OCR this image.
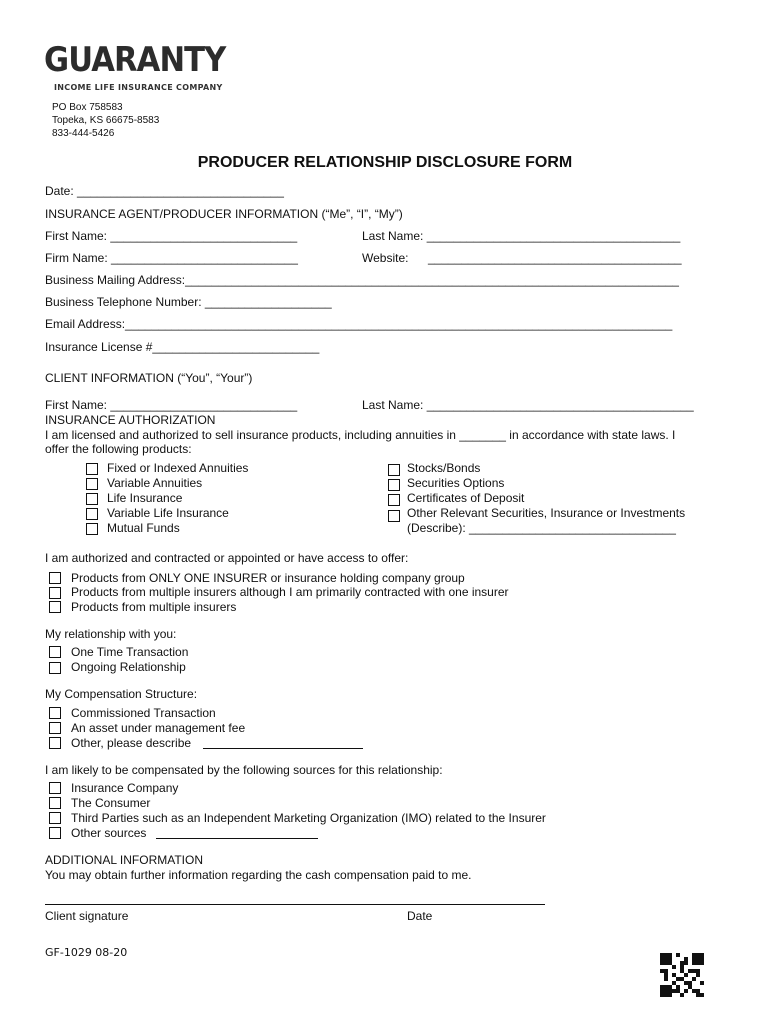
GUARANTY
INCOME LIFE INSURANCE COMPANY
PO Box 758583
Topeka, KS 66675-8583
833-444-5426
PRODUCER RELATIONSHIP DISCLOSURE FORM
Date: _______________________________
INSURANCE AGENT/PRODUCER INFORMATION (“Me”, “I”, “My”)
First Name: ____________________________	Last Name: ______________________________________
Firm Name: ____________________________	Website: ______________________________________
Business Mailing Address:__________________________________________________________________________
Business Telephone Number: ___________________
Email Address:__________________________________________________________________________________
Insurance License #_________________________
CLIENT INFORMATION (“You”, “Your”)
First Name: ____________________________	Last Name: ________________________________________
INSURANCE AUTHORIZATION
I am licensed and authorized to sell insurance products, including annuities in _______ in accordance with state laws. I
offer the following products:
Fixed or Indexed Annuities
Variable Annuities
Life Insurance
Variable Life Insurance
Mutual Funds
Stocks/Bonds
Securities Options
Certificates of Deposit
Other Relevant Securities, Insurance or Investments
(Describe): _______________________________
I am authorized and contracted or appointed or have access to offer:
Products from ONLY ONE INSURER or insurance holding company group
Products from multiple insurers although I am primarily contracted with one insurer
Products from multiple insurers
My relationship with you:
One Time Transaction
Ongoing Relationship
My Compensation Structure:
Commissioned Transaction
An asset under management fee
Other, please describe
I am likely to be compensated by the following sources for this relationship:
Insurance Company
The Consumer
Third Parties such as an Independent Marketing Organization (IMO) related to the Insurer
Other sources
ADDITIONAL INFORMATION
You may obtain further information regarding the cash compensation paid to me.
Client signature	Date
GF-1029 08-20
